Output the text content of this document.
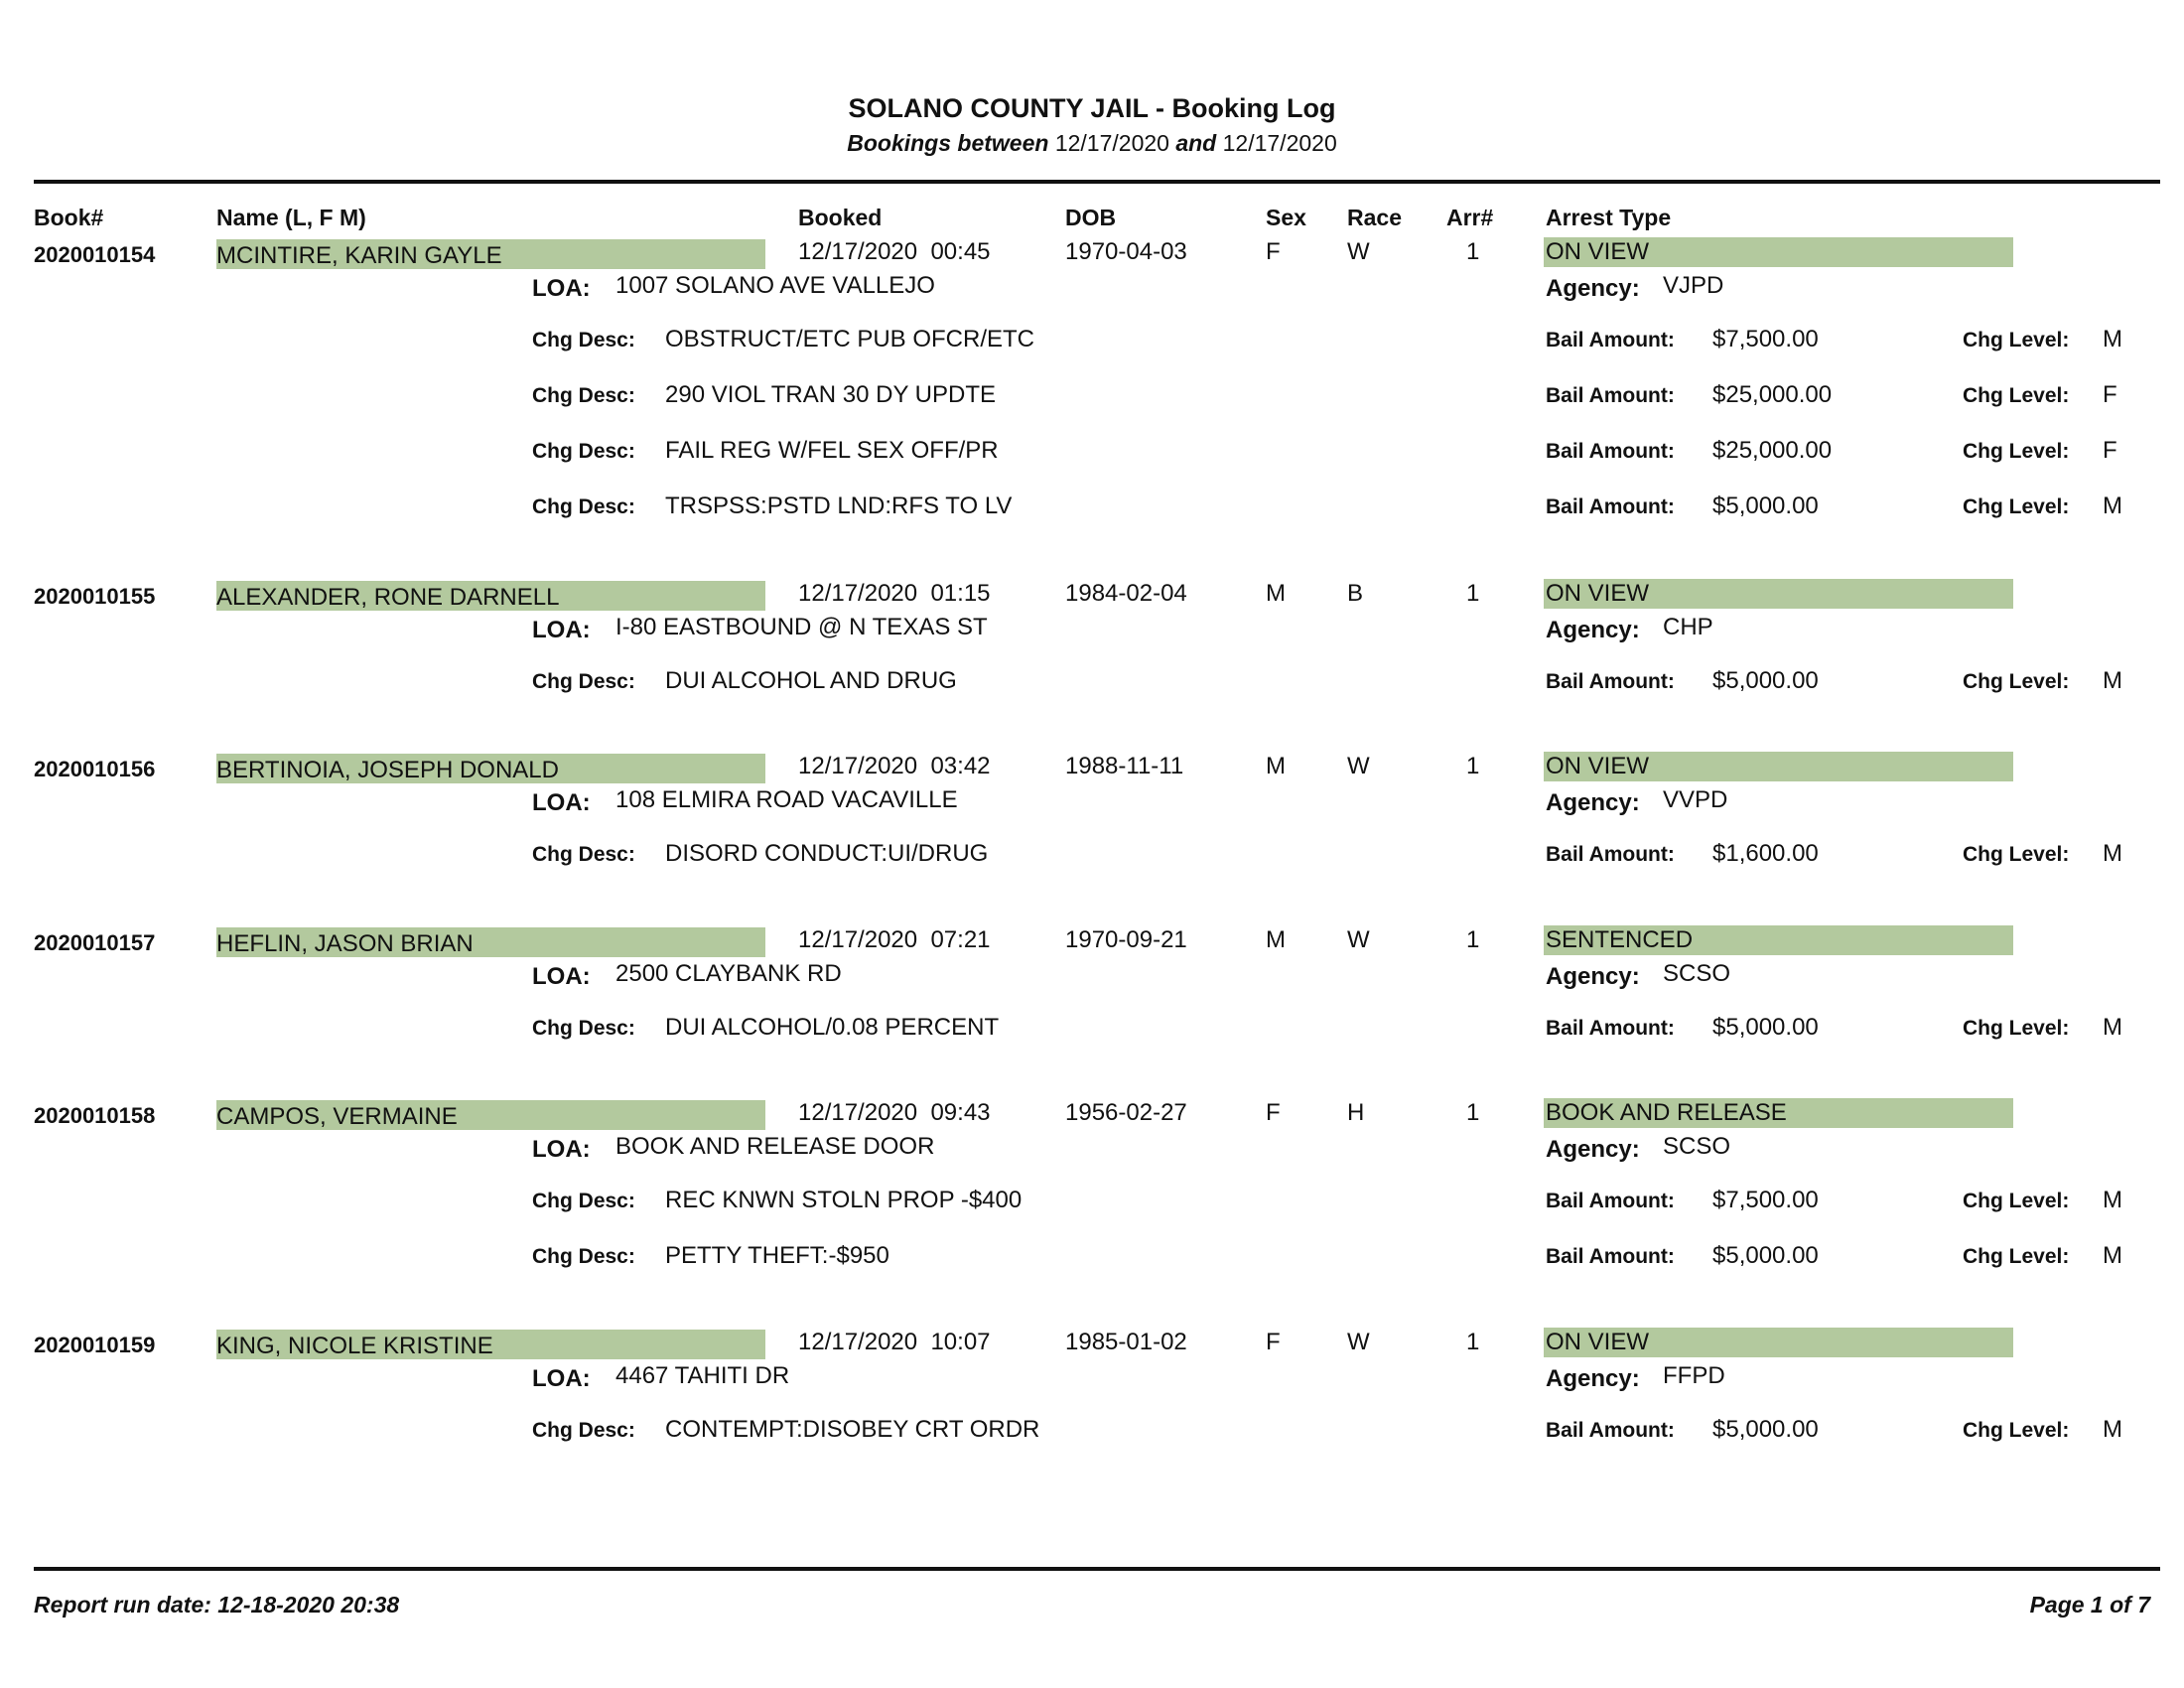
SOLANO COUNTY JAIL - Booking Log
Bookings between 12/17/2020 and 12/17/2020
Book#	Name (L, F M)	Booked	DOB	Sex Race Arr# Arrest Type
2020010154	MCINTIRE, KARIN GAYLE	12/17/2020  00:45	1970-04-03	F	W	1	ON VIEW
LOA: 1007 SOLANO AVE VALLEJO	Agency: VJPD
Chg Desc: OBSTRUCT/ETC PUB OFCR/ETC	Bail Amount: $7,500.00	Chg Level: M
Chg Desc: 290 VIOL TRAN 30 DY UPDTE	Bail Amount: $25,000.00	Chg Level: F
Chg Desc: FAIL REG W/FEL SEX OFF/PR	Bail Amount: $25,000.00	Chg Level: F
Chg Desc: TRSPSS:PSTD LND:RFS TO LV	Bail Amount: $5,000.00	Chg Level: M
2020010155	ALEXANDER, RONE DARNELL	12/17/2020  01:15	1984-02-04	M	B	1	ON VIEW
LOA: I-80 EASTBOUND @ N TEXAS ST	Agency: CHP
Chg Desc: DUI ALCOHOL AND DRUG	Bail Amount: $5,000.00	Chg Level: M
2020010156	BERTINOIA, JOSEPH DONALD	12/17/2020  03:42	1988-11-11	M	W	1	ON VIEW
LOA: 108 ELMIRA ROAD VACAVILLE	Agency: VVPD
Chg Desc: DISORD CONDUCT:UI/DRUG	Bail Amount: $1,600.00	Chg Level: M
2020010157	HEFLIN, JASON BRIAN	12/17/2020  07:21	1970-09-21	M	W	1	SENTENCED
LOA: 2500 CLAYBANK RD	Agency: SCSO
Chg Desc: DUI ALCOHOL/0.08 PERCENT	Bail Amount: $5,000.00	Chg Level: M
2020010158	CAMPOS, VERMAINE	12/17/2020  09:43	1956-02-27	F	H	1	BOOK AND RELEASE
LOA: BOOK AND RELEASE DOOR	Agency: SCSO
Chg Desc: REC KNWN STOLN PROP -$400	Bail Amount: $7,500.00	Chg Level: M
Chg Desc: PETTY THEFT:-$950	Bail Amount: $5,000.00	Chg Level: M
2020010159	KING, NICOLE KRISTINE	12/17/2020  10:07	1985-01-02	F	W	1	ON VIEW
LOA: 4467 TAHITI DR	Agency: FFPD
Chg Desc: CONTEMPT:DISOBEY CRT ORDR	Bail Amount: $5,000.00	Chg Level: M
Report run date: 12-18-2020 20:38	Page 1 of 7
